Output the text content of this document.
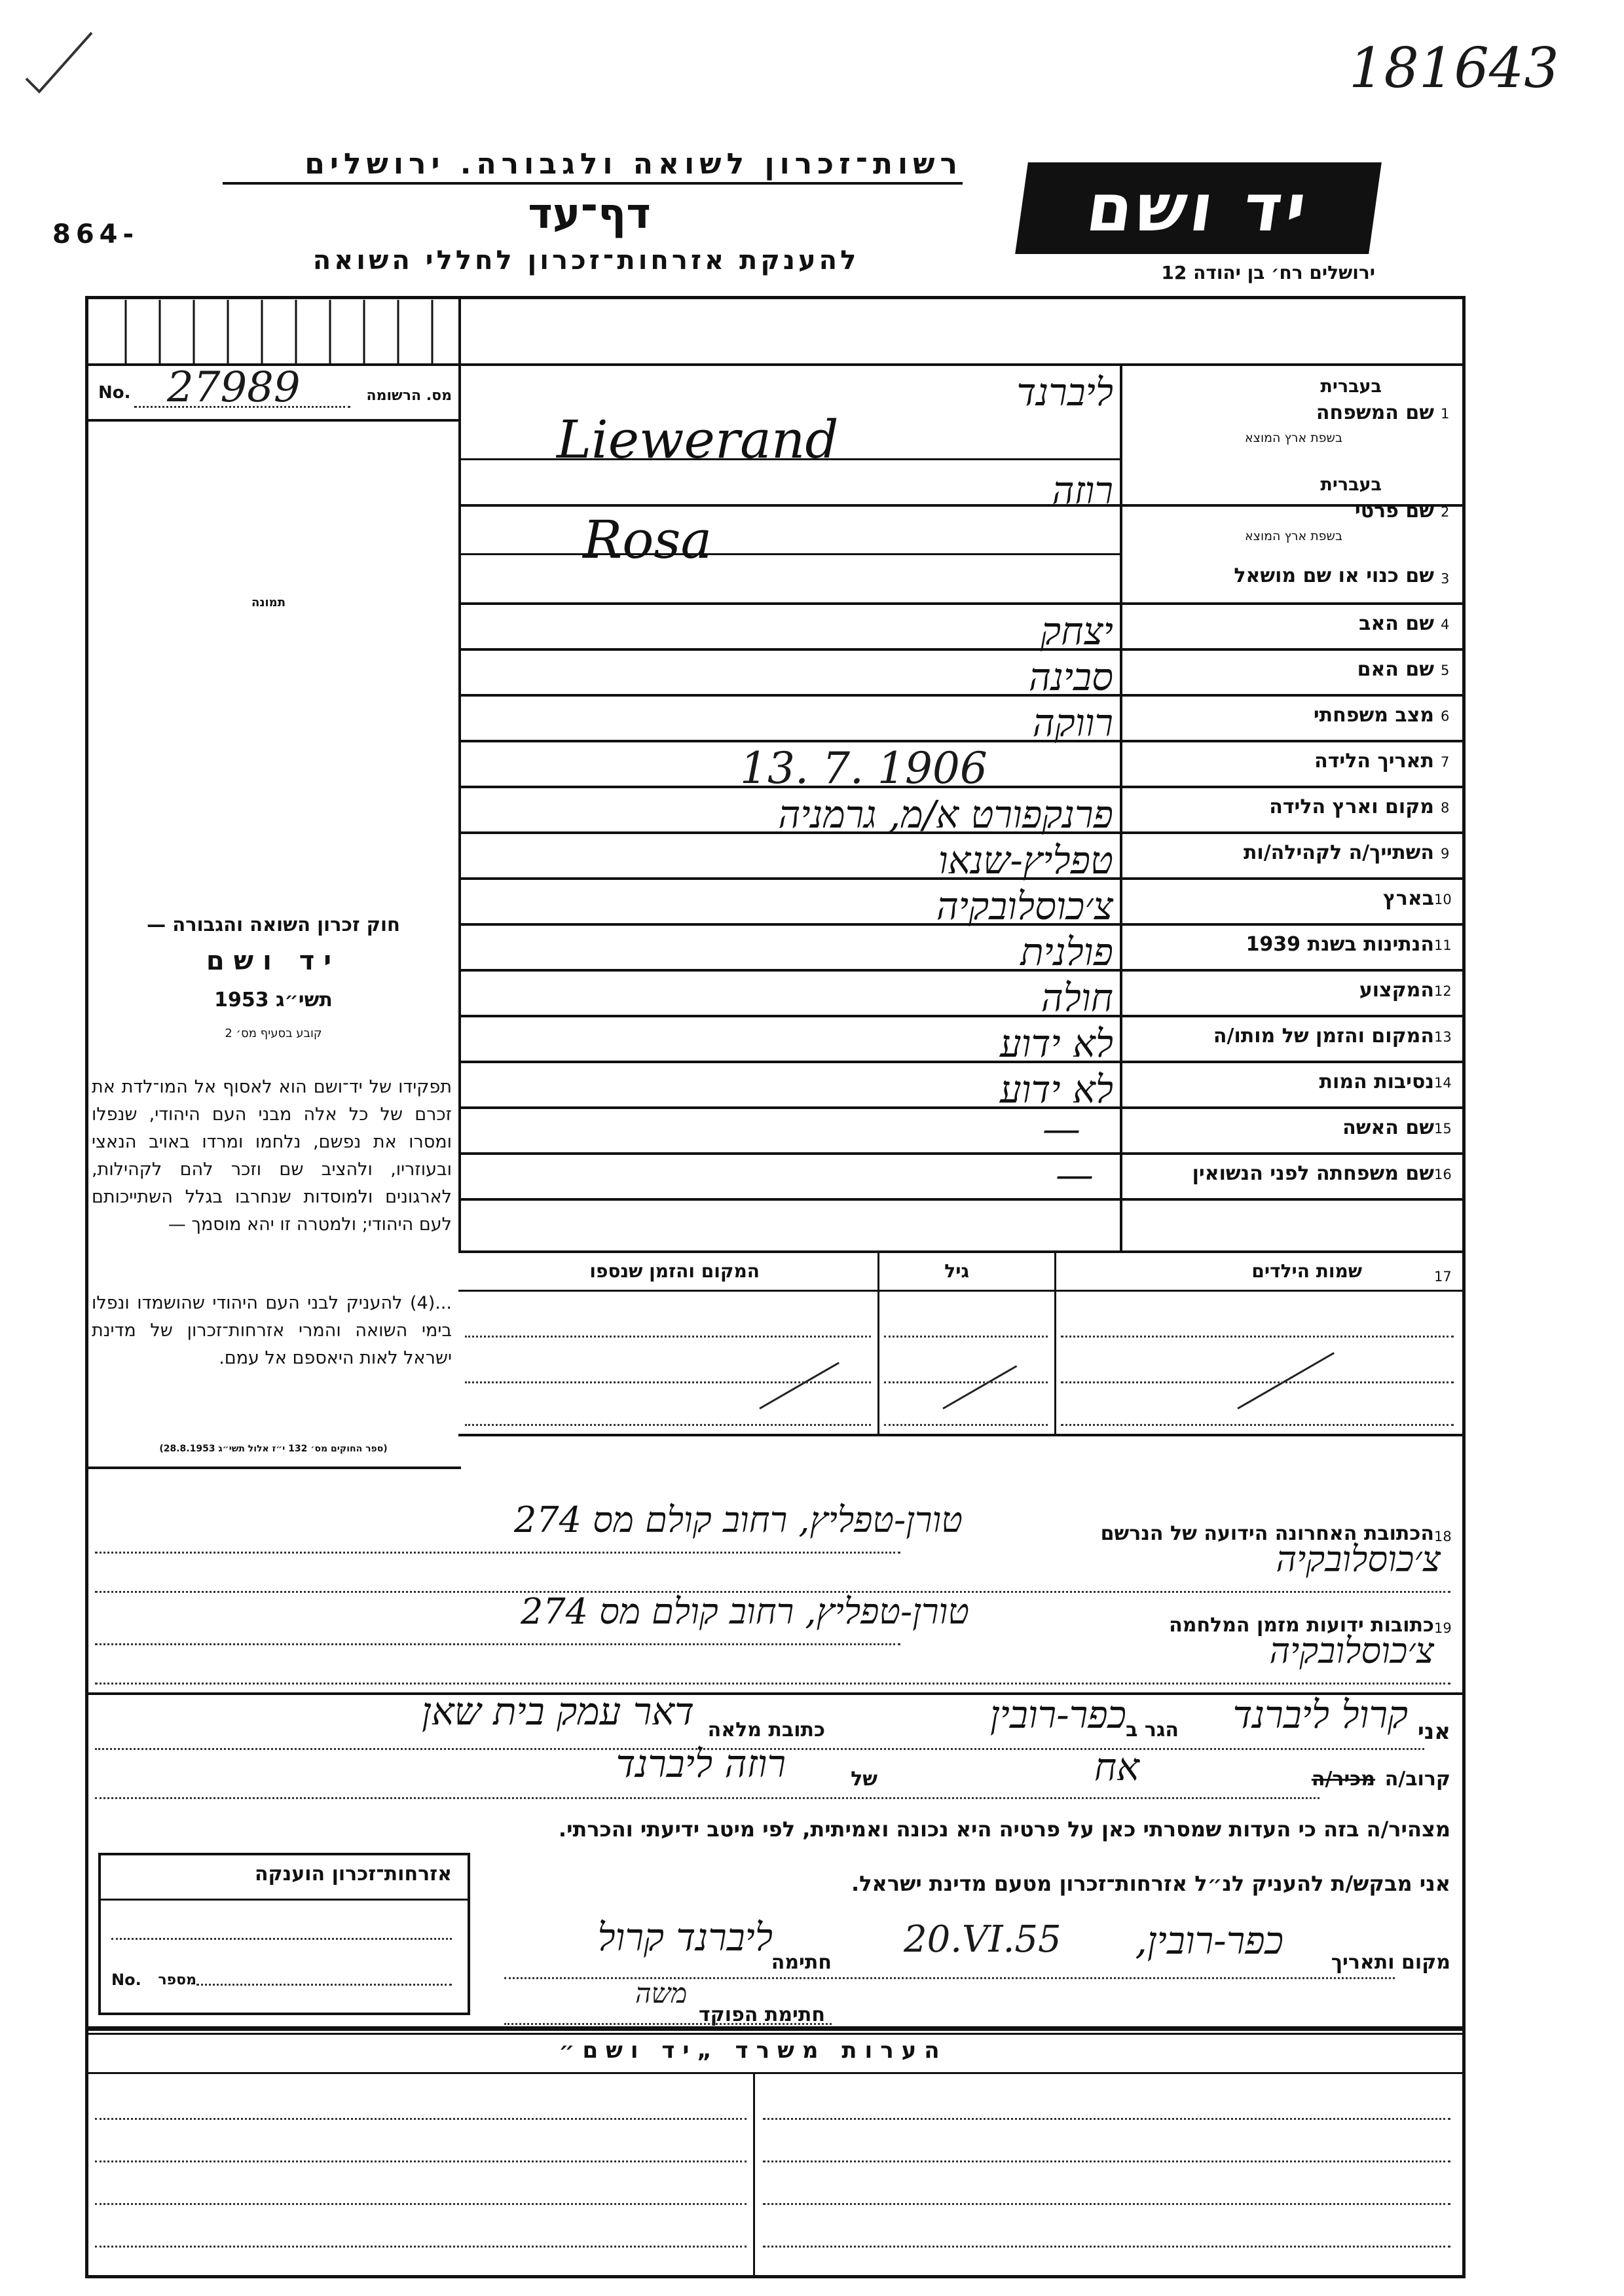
181643
864-
רשות־זכרון לשואה ולגבורה. ירושלים
דף־עד
להענקת אזרחות־זכרון לחללי השואה
יד ושם
ירושלים רח׳ בן יהודה 12
No. 27989	מס. הרשומה
תמונה
חוק זכרון השואה והגבורה —
יד ושם
תשי״ג 1953
קובע בסעיף מס׳ 2
תפקידו של יד־ושם הוא לאסוף אל המו־לדת את זכרם של כל אלה מבני העם היהודי, שנפלו ומסרו את נפשם, נלחמו ומרדו באויב הנאצי ובעוזריו, ולהציב שם וזכר להם לקהילות, לארגונים ולמוסדות שנחרבו בגלל השתייכותם לעם היהודי; ולמטרה זו יהא מוסמך —
...(4) להעניק לבני העם היהודי שהושמדו ונפלו בימי השואה והמרי אזרחות־זכרון של מדינת ישראל לאות היאספם אל עמם.
(ספר החוקים מס׳ 132 י״ז אלול תשי״ג 28.8.1953)
1
שם המשפחה
בעברית
בשפת ארץ המוצא
ליברנד
Liewerand
2
שם פרטי
בעברית
בשפת ארץ המוצא
רוזה
Rosa
3
שם כנוי או שם מושאל
4
שם האב
יצחק
5
שם האם
סבינה
6
מצב משפחתי
רווקה
7
תאריך הלידה
13. 7. 1906
8
מקום וארץ הלידה
פרנקפורט א/מ, גרמניה
9
השתייך/ה לקהילה/ות
טפליץ-שנאו
10
בארץ
צ׳כוסלובקיה
11
הנתינות בשנת 1939
פולנית
12
המקצוע
חולה
13
המקום והזמן של מותו/ה
לא ידוע
14
נסיבות המות
לא ידוע
15
שם האשה
—
16
שם משפחתה לפני הנשואין
—
17
שמות הילדים
גיל
המקום והזמן שנספו
18
הכתובת האחרונה הידועה של הנרשם
טורן-טפליץ, רחוב קולם מס 274
צ׳כוסלובקיה
19
כתובות ידועות מזמן המלחמה
טורן-טפליץ, רחוב קולם מס 274
צ׳כוסלובקיה
אני
קרול ליברנד
הגר ב
כפר-רובין
כתובת מלאה
דאר עמק בית שאן
קרוב/ה
מכיר/ה
אח
של
רוזה ליברנד
מצהיר/ה בזה כי העדות שמסרתי כאן על פרטיה היא נכונה ואמיתית, לפי מיטב ידיעתי והכרתי.
אני מבקש/ת להעניק לנ״ל אזרחות־זכרון מטעם מדינת ישראל.
מקום ותאריך
כפר-רובין,
20.VI.55
חתימה
ליברנד קרול
חתימת הפוקד
משה
אזרחות־זכרון הוענקה
No. מספר
הערות משרד „יד ושם״
